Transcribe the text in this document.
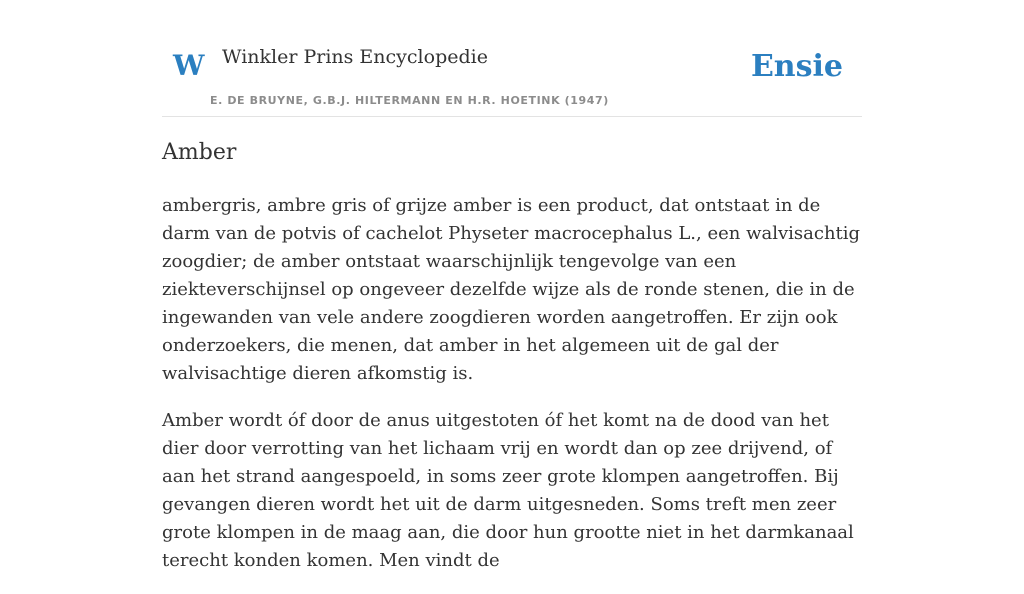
W Winkler Prins Encyclopedie
E. DE BRUYNE, G.B.J. HILTERMANN EN H.R. HOETINK (1947)
Ensie
Amber

ambergris, ambre gris of grijze amber is een product, dat ontstaat in de darm van de potvis of cachelot Physeter macrocephalus L., een walvisachtig zoogdier; de amber ontstaat waarschijnlijk tengevolge van een ziekteverschijnsel op ongeveer dezelfde wijze als de ronde stenen, die in de ingewanden van vele andere zoogdieren worden aangetroffen. Er zijn ook onderzoekers, die menen, dat amber in het algemeen uit de gal der walvisachtige dieren afkomstig is.

Amber wordt óf door de anus uitgestoten óf het komt na de dood van het dier door verrotting van het lichaam vrij en wordt dan op zee drijvend, of aan het strand aangespoeld, in soms zeer grote klompen aangetroffen. Bij gevangen dieren wordt het uit de darm uitgesneden. Soms treft men zeer grote klompen in de maag aan, die door hun grootte niet in het darmkanaal terecht konden komen. Men vindt de
